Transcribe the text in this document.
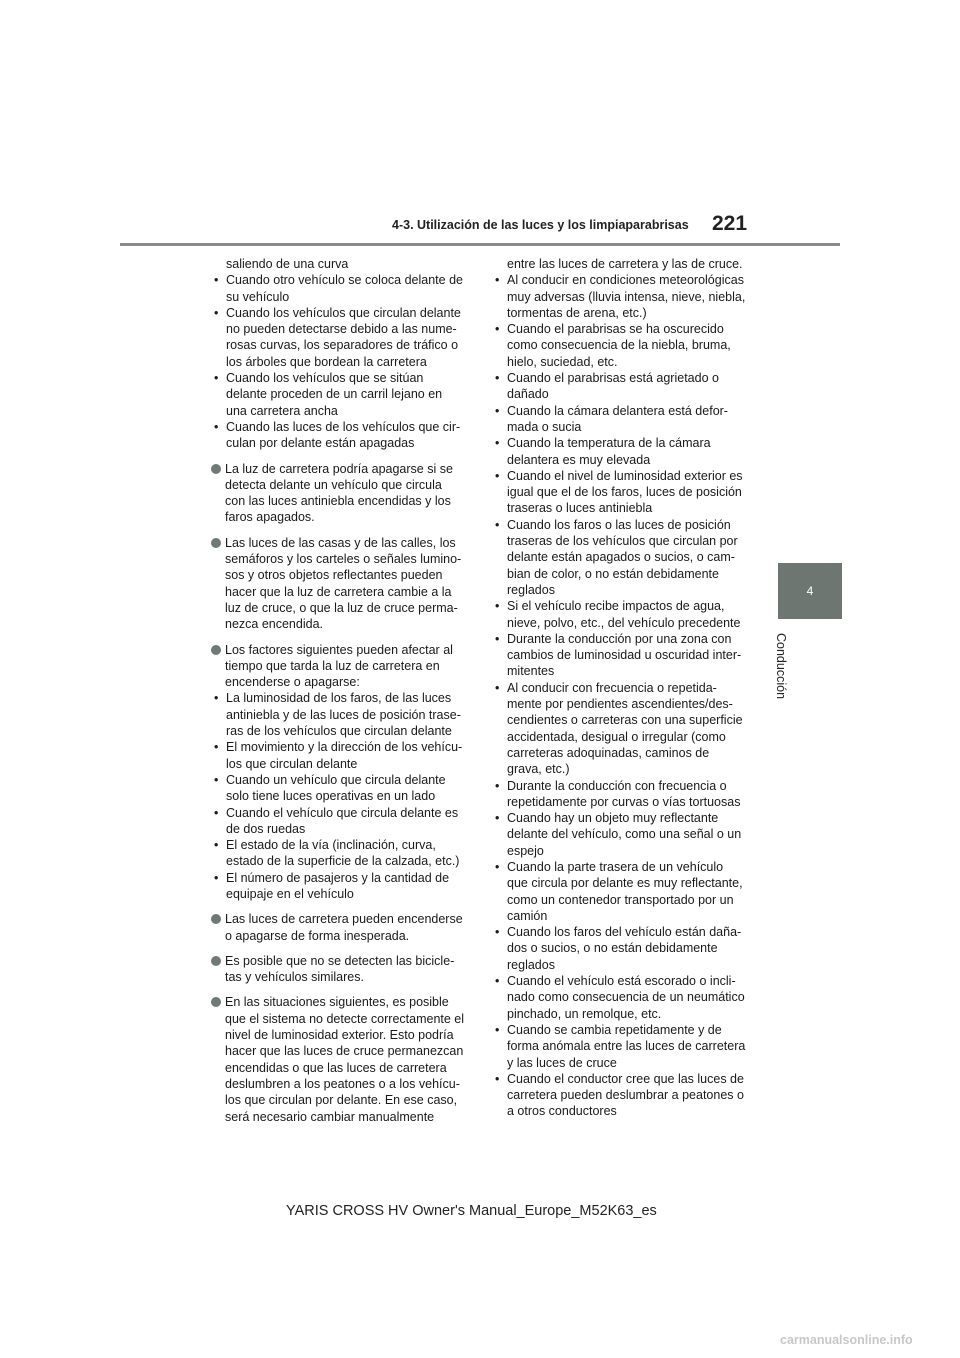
4-3. Utilización de las luces y los limpiaparabrisas	221
4
Conducción
saliendo de una curva
• Cuando otro vehículo se coloca delante de
su vehículo
• Cuando los vehículos que circulan delante
no pueden detectarse debido a las nume-
rosas curvas, los separadores de tráfico o
los árboles que bordean la carretera
• Cuando los vehículos que se sitúan
delante proceden de un carril lejano en
una carretera ancha
• Cuando las luces de los vehículos que cir-
culan por delante están apagadas
La luz de carretera podría apagarse si se
detecta delante un vehículo que circula
con las luces antiniebla encendidas y los
faros apagados.
Las luces de las casas y de las calles, los
semáforos y los carteles o señales lumino-
sos y otros objetos reflectantes pueden
hacer que la luz de carretera cambie a la
luz de cruce, o que la luz de cruce perma-
nezca encendida.
Los factores siguientes pueden afectar al
tiempo que tarda la luz de carretera en
encenderse o apagarse:
• La luminosidad de los faros, de las luces
antiniebla y de las luces de posición trase-
ras de los vehículos que circulan delante
• El movimiento y la dirección de los vehícu-
los que circulan delante
• Cuando un vehículo que circula delante
solo tiene luces operativas en un lado
• Cuando el vehículo que circula delante es
de dos ruedas
• El estado de la vía (inclinación, curva,
estado de la superficie de la calzada, etc.)
• El número de pasajeros y la cantidad de
equipaje en el vehículo
Las luces de carretera pueden encenderse
o apagarse de forma inesperada.
Es posible que no se detecten las bicicle-
tas y vehículos similares.
En las situaciones siguientes, es posible
que el sistema no detecte correctamente el
nivel de luminosidad exterior. Esto podría
hacer que las luces de cruce permanezcan
encendidas o que las luces de carretera
deslumbren a los peatones o a los vehícu-
los que circulan por delante. En ese caso,
será necesario cambiar manualmente
entre las luces de carretera y las de cruce.
• Al conducir en condiciones meteorológicas
muy adversas (lluvia intensa, nieve, niebla,
tormentas de arena, etc.)
• Cuando el parabrisas se ha oscurecido
como consecuencia de la niebla, bruma,
hielo, suciedad, etc.
• Cuando el parabrisas está agrietado o
dañado
• Cuando la cámara delantera está defor-
mada o sucia
• Cuando la temperatura de la cámara
delantera es muy elevada
• Cuando el nivel de luminosidad exterior es
igual que el de los faros, luces de posición
traseras o luces antiniebla
• Cuando los faros o las luces de posición
traseras de los vehículos que circulan por
delante están apagados o sucios, o cam-
bian de color, o no están debidamente
reglados
• Si el vehículo recibe impactos de agua,
nieve, polvo, etc., del vehículo precedente
• Durante la conducción por una zona con
cambios de luminosidad u oscuridad inter-
mitentes
• Al conducir con frecuencia o repetida-
mente por pendientes ascendientes/des-
cendientes o carreteras con una superficie
accidentada, desigual o irregular (como
carreteras adoquinadas, caminos de
grava, etc.)
• Durante la conducción con frecuencia o
repetidamente por curvas o vías tortuosas
• Cuando hay un objeto muy reflectante
delante del vehículo, como una señal o un
espejo
• Cuando la parte trasera de un vehículo
que circula por delante es muy reflectante,
como un contenedor transportado por un
camión
• Cuando los faros del vehículo están daña-
dos o sucios, o no están debidamente
reglados
• Cuando el vehículo está escorado o incli-
nado como consecuencia de un neumático
pinchado, un remolque, etc.
• Cuando se cambia repetidamente y de
forma anómala entre las luces de carretera
y las luces de cruce
• Cuando el conductor cree que las luces de
carretera pueden deslumbrar a peatones o
a otros conductores
YARIS CROSS HV Owner's Manual_Europe_M52K63_es
carmanualsonline.info
